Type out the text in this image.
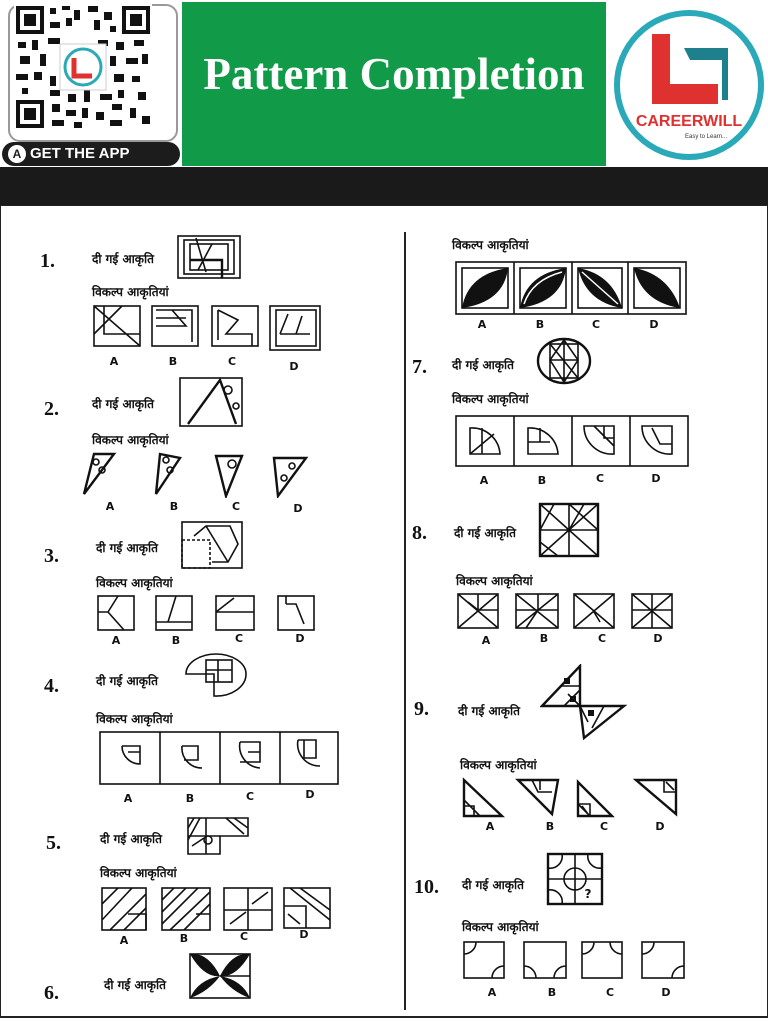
A GET THE APP
Pattern Completion
CAREERWILL
Easy to Learn...
1.	दी गई आकृति
विकल्प आकृतियां
A	B	C	D
2.	दी गई आकृति
विकल्प आकृतियां
A	B	C	D
3.	दी गई आकृति
विकल्प आकृतियां
A	B	C	D
4.	दी गई आकृति
विकल्प आकृतियां
A	B	C	D
5.	दी गई आकृति
विकल्प आकृतियां
A	B	C	D
6.	दी गई आकृति
विकल्प आकृतियां
A	B	C	D
7. दी गई आकृति
विकल्प आकृतियां
A	B	C	D
8. दी गई आकृति
विकल्प आकृतियां
A	B	C	D
9. दी गई आकृति
विकल्प आकृतियां
A	B	C	D
10. दी गई आकृति
?
विकल्प आकृतियां
A	B	C	D
